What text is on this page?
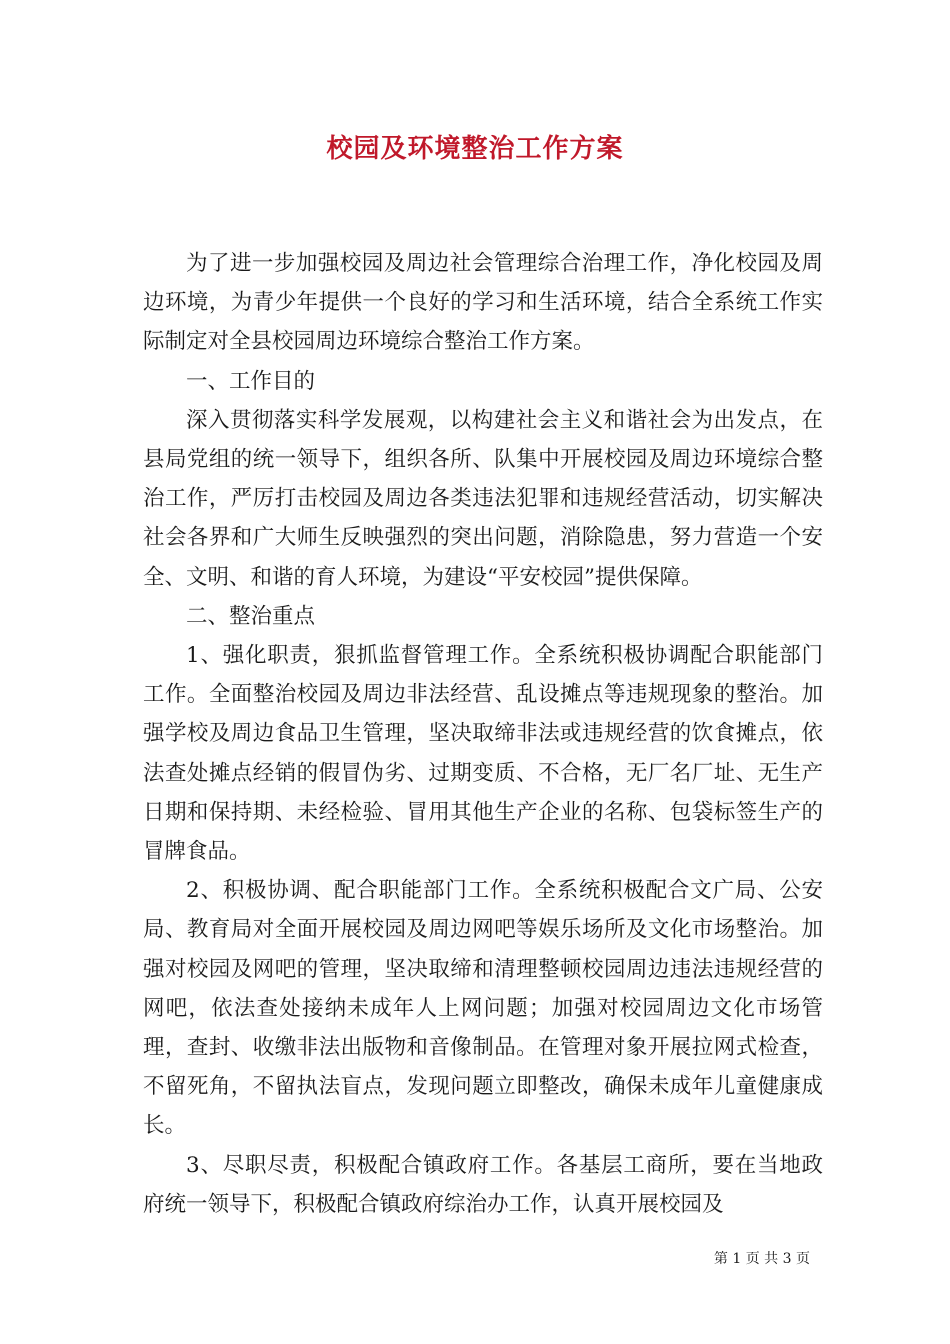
校园及环境整治工作方案

为了进一步加强校园及周边社会管理综合治理工作，净化校园及周边环境，为青少年提供一个良好的学习和生活环境，结合全系统工作实际制定对全县校园周边环境综合整治工作方案。

一、工作目的

深入贯彻落实科学发展观，以构建社会主义和谐社会为出发点，在县局党组的统一领导下，组织各所、队集中开展校园及周边环境综合整治工作，严厉打击校园及周边各类违法犯罪和违规经营活动，切实解决社会各界和广大师生反映强烈的突出问题，消除隐患，努力营造一个安全、文明、和谐的育人环境，为建设“平安校园”提供保障。

二、整治重点

1、强化职责，狠抓监督管理工作。全系统积极协调配合职能部门工作。全面整治校园及周边非法经营、乱设摊点等违规现象的整治。加强学校及周边食品卫生管理，坚决取缔非法或违规经营的饮食摊点，依法查处摊点经销的假冒伪劣、过期变质、不合格，无厂名厂址、无生产日期和保持期、未经检验、冒用其他生产企业的名称、包袋标签生产的冒牌食品。

2、积极协调、配合职能部门工作。全系统积极配合文广局、公安局、教育局对全面开展校园及周边网吧等娱乐场所及文化市场整治。加强对校园及网吧的管理，坚决取缔和清理整顿校园周边违法违规经营的网吧，依法查处接纳未成年人上网问题；加强对校园周边文化市场管理，查封、收缴非法出版物和音像制品。在管理对象开展拉网式检查，不留死角，不留执法盲点，发现问题立即整改，确保未成年儿童健康成长。

3、尽职尽责，积极配合镇政府工作。各基层工商所，要在当地政府统一领导下，积极配合镇政府综治办工作，认真开展校园及

第 1 页 共 3 页
